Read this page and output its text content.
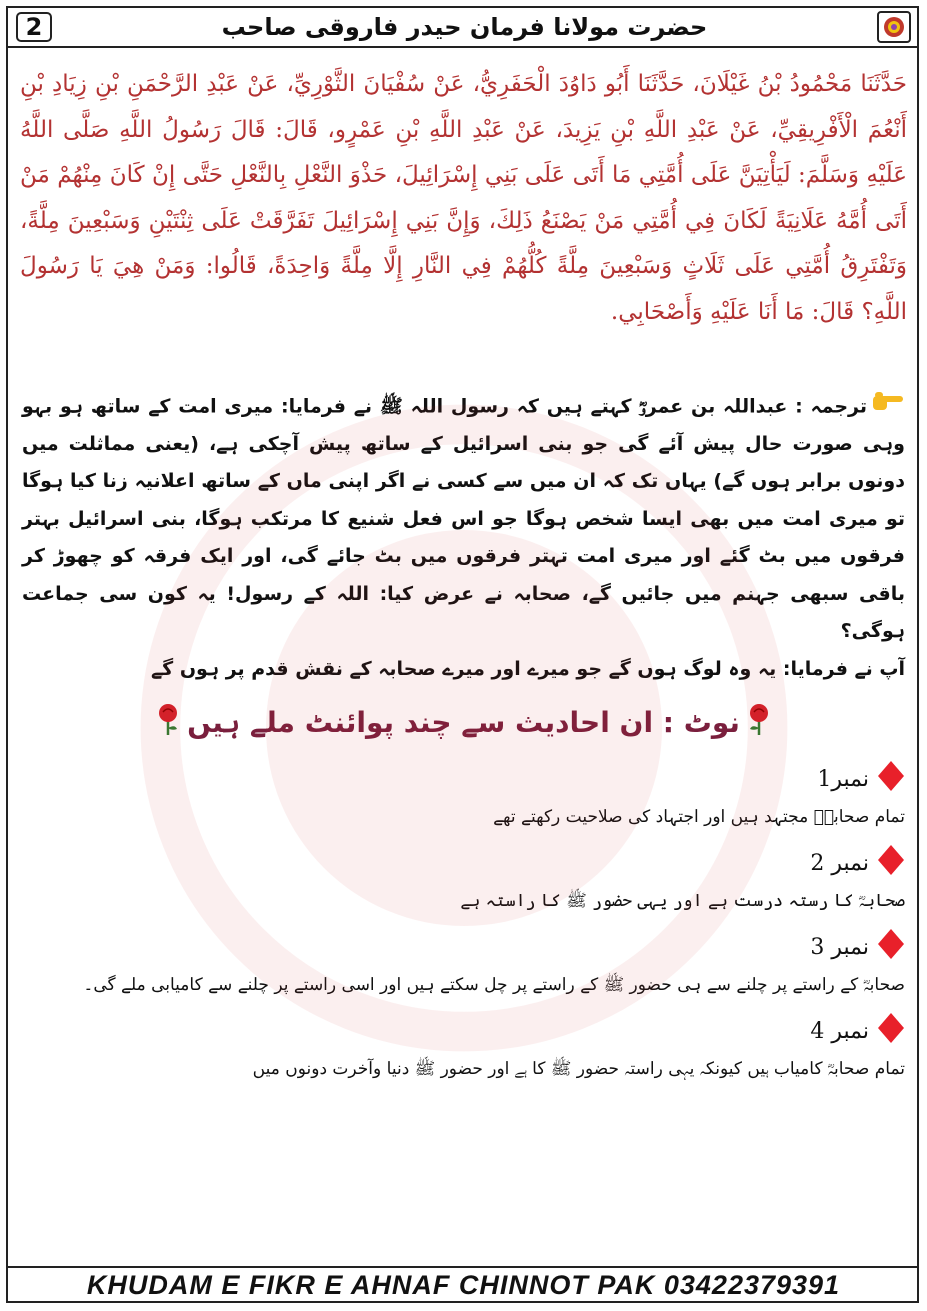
2	حضرت مولانا فرمان حیدر فاروقی صاحب
حَدَّثَنَا مَحْمُودُ بْنُ غَيْلَانَ، حَدَّثَنَا أَبُو دَاوُدَ الْحَفَرِيُّ، عَنْ سُفْيَانَ الثَّوْرِيِّ، عَنْ عَبْدِ الرَّحْمَنِ بْنِ زِيَادِ بْنِ أَنْعُمَ الْأَفْرِيقِيِّ، عَنْ عَبْدِ اللَّهِ بْنِ يَزِيدَ، عَنْ عَبْدِ اللَّهِ بْنِ عَمْرٍو، قَالَ: قَالَ رَسُولُ اللَّهِ صَلَّى اللَّهُ عَلَيْهِ وَسَلَّمَ: لَيَأْتِيَنَّ عَلَى أُمَّتِي مَا أَتَى عَلَى بَنِي إِسْرَائِيلَ، حَذْوَ النَّعْلِ بِالنَّعْلِ حَتَّى إِنْ كَانَ مِنْهُمْ مَنْ أَتَى أُمَّهُ عَلَانِيَةً لَكَانَ فِي أُمَّتِي مَنْ يَصْنَعُ ذَلِكَ، وَإِنَّ بَنِي إِسْرَائِيلَ تَفَرَّقَتْ عَلَى ثِنْتَيْنِ وَسَبْعِينَ مِلَّةً، وَتَفْتَرِقُ أُمَّتِي عَلَى ثَلَاثٍ وَسَبْعِينَ مِلَّةً كُلُّهُمْ فِي النَّارِ إِلَّا مِلَّةً وَاحِدَةً، قَالُوا: وَمَنْ هِيَ يَا رَسُولَ اللَّهِ؟ قَالَ: مَا أَنَا عَلَيْهِ وَأَصْحَابِي.

ترجمہ : عبداللہ بن عمروؓ کہتے ہیں کہ رسول اللہ ﷺ نے فرمایا: میری امت کے ساتھ ہو بہو وہی صورت حال پیش آئے گی جو بنی اسرائیل کے ساتھ پیش آچکی ہے، (یعنی مماثلت میں دونوں برابر ہوں گے) یہاں تک کہ ان میں سے کسی نے اگر اپنی ماں کے ساتھ اعلانیہ زنا کیا ہوگا تو میری امت میں بھی ایسا شخص ہوگا جو اس فعل شنیع کا مرتکب ہوگا، بنی اسرائیل بہتر فرقوں میں بٹ گئے اور میری امت تہتر فرقوں میں بٹ جائے گی، اور ایک فرقہ کو چھوڑ کر باقی سبھی جہنم میں جائیں گے، صحابہ نے عرض کیا: اللہ کے رسول! یہ کون سی جماعت ہوگی؟

آپ نے فرمایا: یہ وہ لوگ ہوں گے جو میرے اور میرے صحابہ کے نقش قدم پر ہوں گے

نوٹ : ان احادیث سے چند پوائنٹ ملے ہیں
نمبر1
تمام صحابہؓ مجتہد ہیں اور اجتہاد کی صلاحیت رکھتے تھے
نمبر 2
صحابہؓ کا رستہ درست ہے اور یہی حضور ﷺ کا راستہ ہے
نمبر 3
صحابہؓ کے راستے پر چلنے سے ہی حضور ﷺ کے راستے پر چل سکتے ہیں اور اسی راستے پر چلنے سے کامیابی ملے گی۔
نمبر 4
تمام صحابہؓ کامیاب ہیں کیونکہ یہی راستہ حضور ﷺ کا ہے اور حضور ﷺ دنیا وآخرت دونوں میں
KHUDAM E FIKR E AHNAF CHINNOT PAK 03422379391
